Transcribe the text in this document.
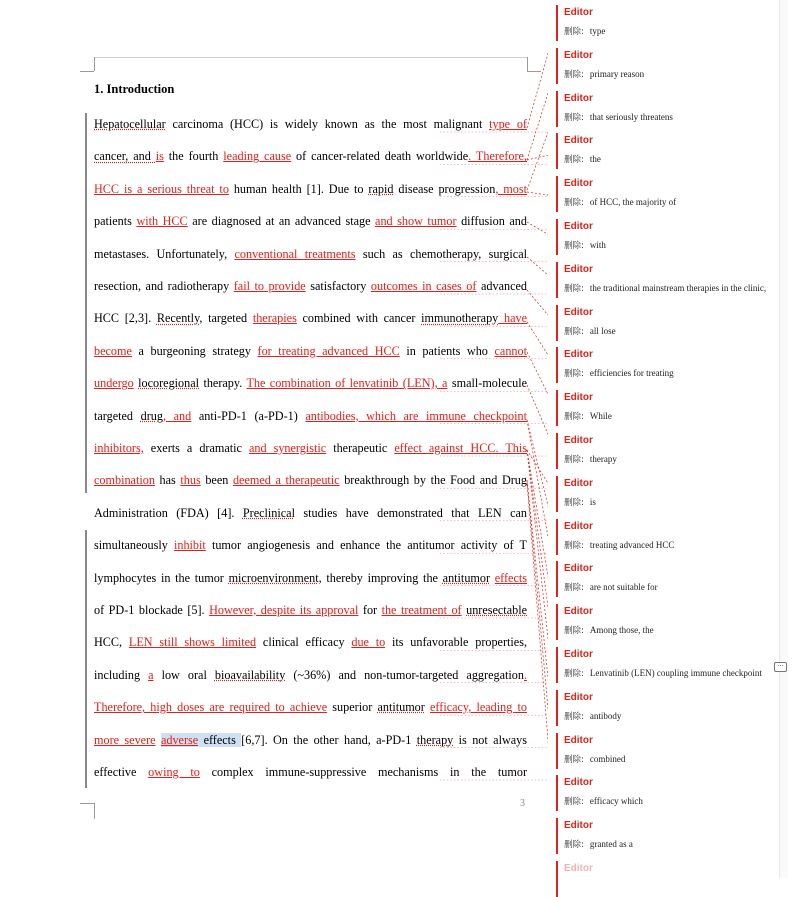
1. Introduction
Hepatocellular carcinoma (HCC) is widely known as the most malignant type of
cancer, and is the fourth leading cause of cancer-related death worldwide. Therefore,
HCC is a serious threat to human health [1]. Due to rapid disease progression, most
patients with HCC are diagnosed at an advanced stage and show tumor diffusion and
metastases. Unfortunately, conventional treatments such as chemotherapy, surgical
resection, and radiotherapy fail to provide satisfactory outcomes in cases of advanced
HCC [2,3]. Recently, targeted therapies combined with cancer immunotherapy have
become a burgeoning strategy for treating advanced HCC in patients who cannot
undergo locoregional therapy. The combination of lenvatinib (LEN), a small-molecule
targeted drug, and anti-PD-1 (a-PD-1) antibodies, which are immune checkpoint
inhibitors, exerts a dramatic and synergistic therapeutic effect against HCC. This
combination has thus been deemed a therapeutic breakthrough by the Food and Drug
Administration (FDA) [4]. Preclinical studies have demonstrated that LEN can
simultaneously inhibit tumor angiogenesis and enhance the antitumor activity of T
lymphocytes in the tumor microenvironment, thereby improving the antitumor effects
of PD-1 blockade [5]. However, despite its approval for the treatment of unresectable
HCC, LEN still shows limited clinical efficacy due to its unfavorable properties,
including a low oral bioavailability (~36%) and non-tumor-targeted aggregation.
Therefore, high doses are required to achieve superior antitumor efficacy, leading to
more severe adverse effects [6,7]. On the other hand, a-PD-1 therapy is not always
effective owing to complex immune-suppressive mechanisms in the tumor
3
Editor
删除: type
Editor
删除: primary reason
Editor
删除: that seriously threatens
Editor
删除: the
Editor
删除: of HCC, the majority of
Editor
删除: with
Editor
删除: the traditional mainstream therapies in the clinic,
Editor
删除: all lose
Editor
删除: efficiencies for treating
Editor
删除: While
Editor
删除: therapy
Editor
删除: is
Editor
删除: treating advanced HCC
Editor
删除: are not suitable for
Editor
删除: Among those, the
Editor
删除: Lenvatinib (LEN) coupling immune checkpoint
Editor
删除: antibody
Editor
删除: combined
Editor
删除: efficacy which
Editor
删除: granted as a
Editor
···
